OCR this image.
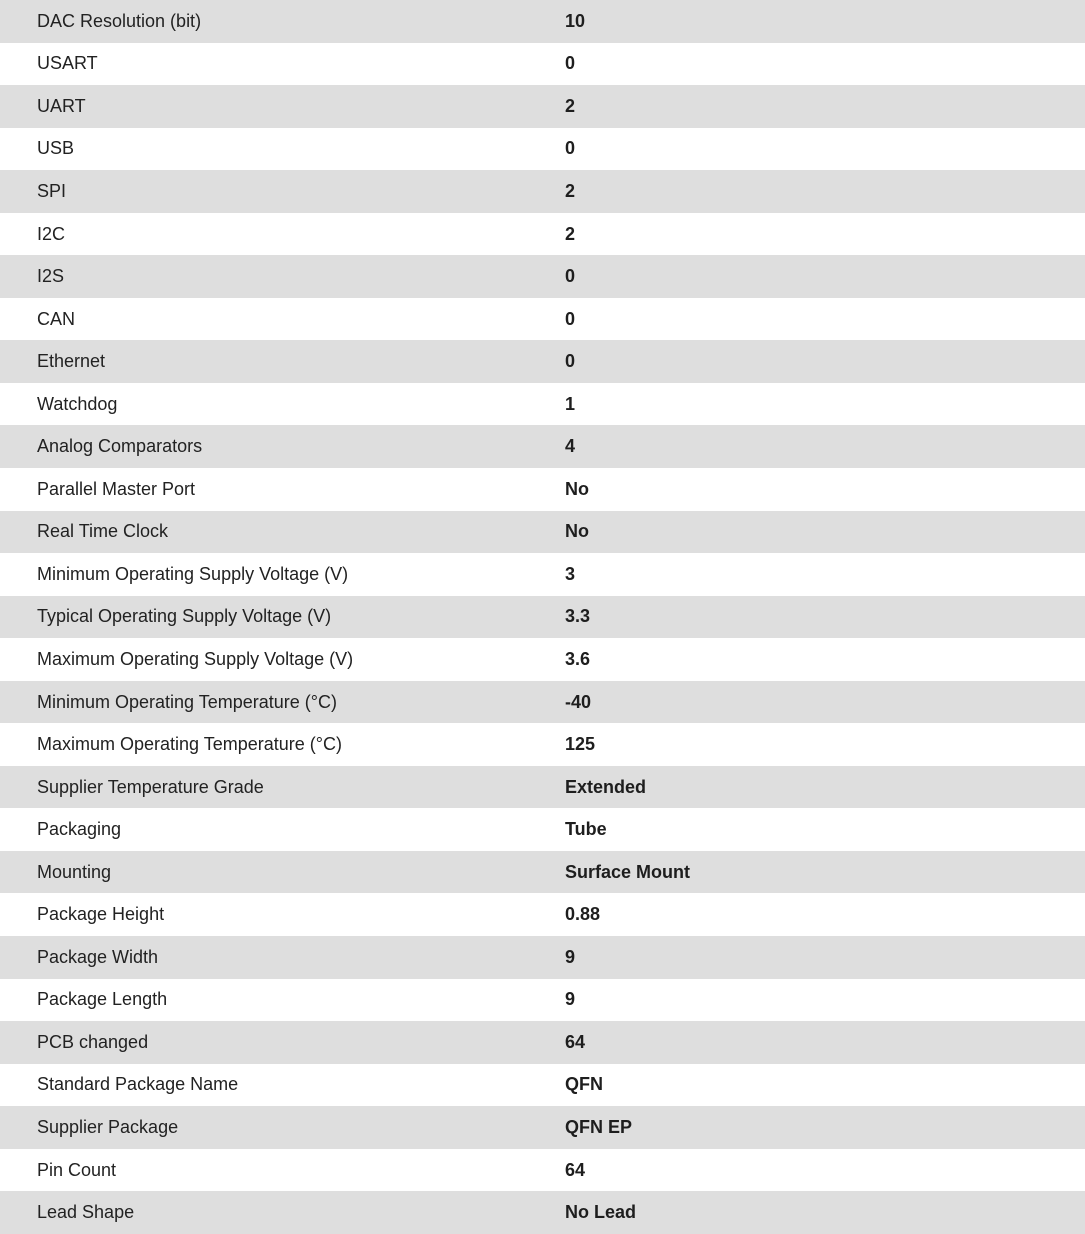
DAC Resolution (bit)	10
USART	0
UART	2
USB	0
SPI	2
I2C	2
I2S	0
CAN	0
Ethernet	0
Watchdog	1
Analog Comparators	4
Parallel Master Port	No
Real Time Clock	No
Minimum Operating Supply Voltage (V)	3
Typical Operating Supply Voltage (V)	3.3
Maximum Operating Supply Voltage (V)	3.6
Minimum Operating Temperature (°C)	-40
Maximum Operating Temperature (°C)	125
Supplier Temperature Grade	Extended
Packaging	Tube
Mounting	Surface Mount
Package Height	0.88
Package Width	9
Package Length	9
PCB changed	64
Standard Package Name	QFN
Supplier Package	QFN EP
Pin Count	64
Lead Shape	No Lead
